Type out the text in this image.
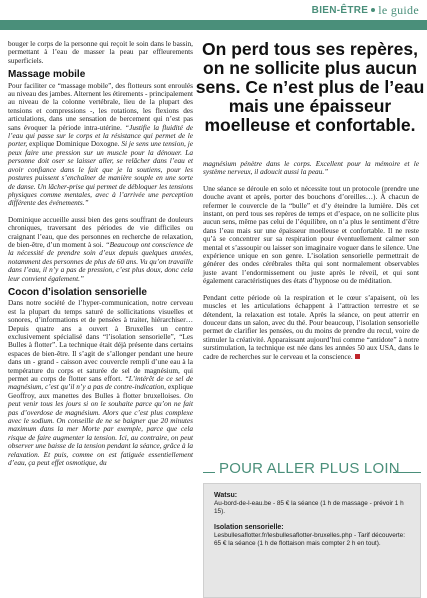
BIEN-ÊTRE le guide

bouger le corps de la personne qui reçoit le soin dans le bassin, permettant à l’eau de masser la peau par effleurements superficiels.

Massage mobile

Pour faciliter ce “massage mobile”, des flotteurs sont enroulés au niveau des jambes. Alternent les étirements - principalement au niveau de la colonne vertébrale, lieu de la plupart des tensions et compressions -, les rotations, les flexions des articulations, dans une sensation de bercement qui n’est pas sans évoquer la période intra-utérine. “Justifie la fluidité de l’eau qui passe sur le corps et la résistance qui permet de le porter, explique Dominique Doxogne. Si je sens une tension, je peux faire une pression sur un muscle pour la dénouer. La personne doit oser se laisser aller, se relâcher dans l’eau et avoir confiance dans le fait que je la soutiens, pour les postures puissent s’enchaîner de manière souple en une sorte de danse. Un lâcher-prise qui permet de débloquer les tensions physiques comme mentales, avec à l’arrivée une perception différente des événements.”

Dominique accueille aussi bien des gens souffrant de douleurs chroniques, traversant des périodes de vie difficiles ou craignant l’eau, que des personnes en recherche de relaxation, de bien-être, d’un moment à soi. “Beaucoup ont conscience de la nécessité de prendre soin d’eux depuis quelques années, notamment des personnes de plus de 60 ans. Vu qu’on travaille dans l’eau, il n’y a pas de pression, c’est plus doux, donc cela leur convient également.”

Cocon d’isolation sensorielle

Dans notre société de l’hyper-communication, notre cerveau est la plupart du temps saturé de sollicitations visuelles et sonores, d’informations et de pensées à traiter, hiérarchiser… Depuis quatre ans a ouvert à Bruxelles un centre exclusivement spécialisé dans “l’isolation sensorielle”, “Les Bulles à flotter”. La technique était déjà présente dans certains espaces de bien-être. Il s’agit de s’allonger pendant une heure dans un - grand - caisson avec couvercle rempli d’une eau à la température du corps et saturée de sel de magnésium, qui permet au corps de flotter sans effort. “L’intérêt de ce sel de magnésium, c’est qu’il n’y a pas de contre-indication, explique Geoffroy, aux manettes des Bulles à flotter bruxelloises. On peut venir tous les jours si on le souhaite parce qu’on ne fait pas d’overdose de magnésium. Alors que c’est plus complexe avec le sodium. On conseille de ne se baigner que 20 minutes maximum dans la mer Morte par exemple, parce que cela risque de faire augmenter la tension. Ici, au contraire, on peut observer une baisse de la tension pendant la séance, grâce à la relaxation. Et puis, comme on est fatiguée essentiellement d’eau, ça peut effet osmotique, du

On perd tous ses repères, on ne sollicite plus aucun sens. Ce n’est plus de l’eau mais une épaisseur moelleuse et confortable.

magnésium pénètre dans le corps. Excellent pour la mémoire et le système nerveux, il adoucit aussi la peau.”

Une séance se déroule en solo et nécessite tout un protocole (prendre une douche avant et après, porter des bouchons d’oreilles…). À chacun de refermer le couvercle de la “bulle” et d’y éteindre la lumière. Dès cet instant, on perd tous ses repères de temps et d’espace, on ne sollicite plus aucun sens, même pas celui de l’équilibre, on n’a plus le sentiment d’être dans l’eau mais sur une épaisseur moelleuse et confortable. Il ne reste qu’à se concentrer sur sa respiration pour éventuellement calmer son mental et s’assoupir ou laisser son imaginaire voguer dans le silence. Une expérience unique en son genre. L’isolation sensorielle permettrait de générer des ondes cérébrales thêta qui sont normalement observables juste avant l’endormissement ou juste après le réveil, et qui sont également caractéristiques des états d’hypnose ou de méditation.

Pendant cette période où la respiration et le cœur s’apaisent, où les muscles et les articulations échappent à l’attraction terrestre et se détendent, la relaxation est totale. Après la séance, on peut atterrir en douceur dans un salon, avec du thé. Pour beaucoup, l’isolation sensorielle permet de clarifier les pensées, ou du moins de prendre du recul, voire de stimuler la créativité. Apparaissant aujourd’hui comme “antidote” à notre surstimulation, la technique est née dans les années 50 aux USA, dans le cadre de recherches sur le cerveau et la conscience.

POUR ALLER PLUS LOIN
Watsu:
Au-bord-de-l-eau.be - 85 € la séance (1 h de massage - prévoir 1 h 15).
Isolation sensorielle:
Lesbullesaflotter.fr/lesbullesaflotter-bruxelles.php - Tarif découverte: 65 € la séance (1 h de flottaison mais compter 2 h en tout).
